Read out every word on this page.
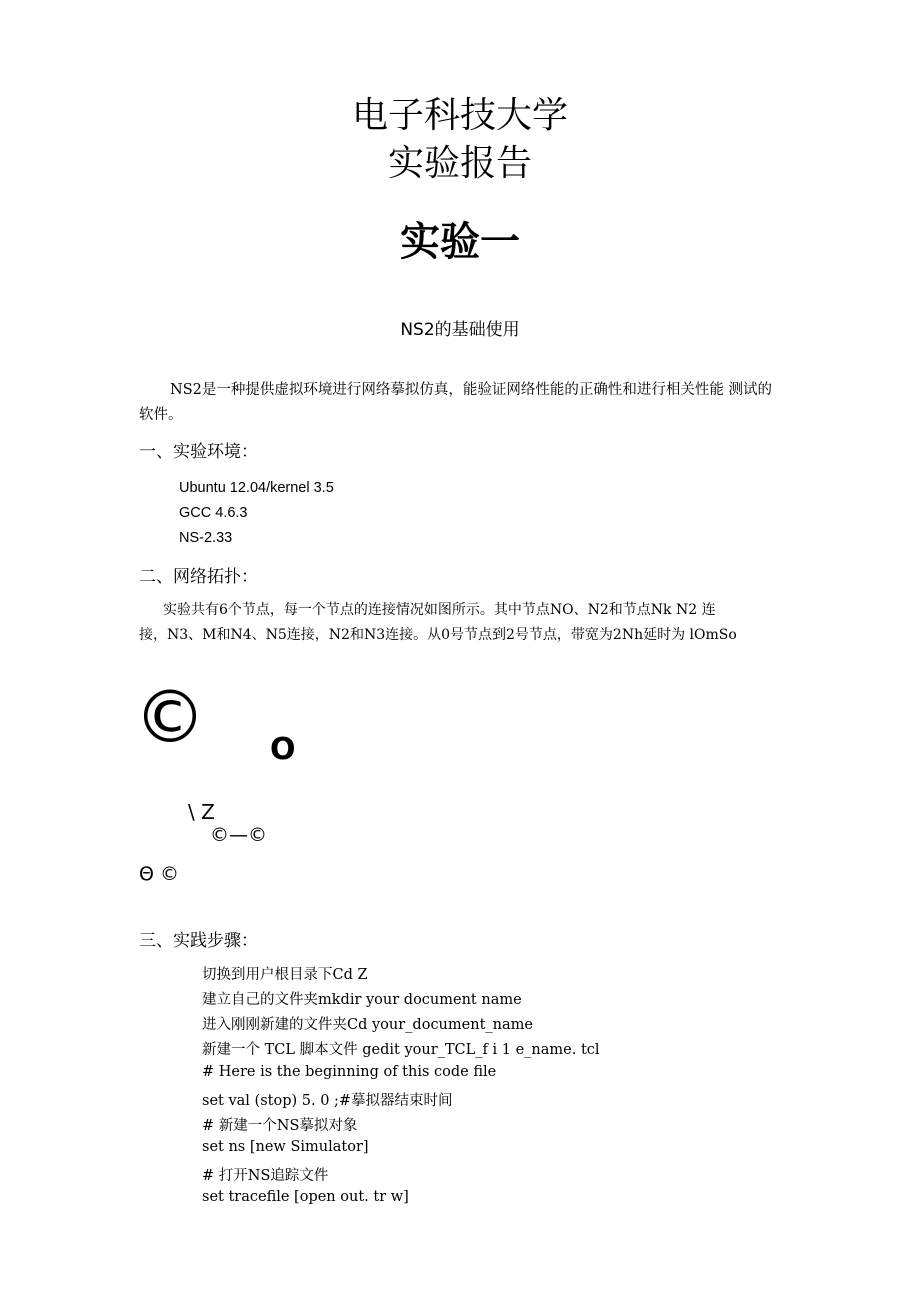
电子科技大学
实验报告
实验一
NS2的基础使用
NS2是一种提供虚拟环境进行网络摹拟仿真，能验证网络性能的正确性和进行相关性能 测试的软件。
一、实验环境：
Ubuntu 12.04/kernel 3.5
GCC 4.6.3
NS-2.33
二、网络拓扑：
实验共有6个节点，每一个节点的连接情况如图所示。其中节点NO、N2和节点Nk N2 连
接，N3、M和N4、N5连接，N2和N3连接。从0号节点到2号节点，带宽为2Nh延时为 lOmSo
© O
\ Z
©—©
Θ ©
三、实践步骤：
切换到用户根目录下Cd Z
建立自己的文件夹mkdir your document name
进入刚刚新建的文件夹Cd your_document_name
新建一个 TCL 脚本文件 gedit your_TCL_f i 1 e_name. tcl
# Here is the beginning of this code file
set val (stop) 5. 0 ;#摹拟器结束时间
# 新建一个NS摹拟对象
set ns [new Simulator]
# 打开NS追踪文件
set tracefile [open out. tr w]
